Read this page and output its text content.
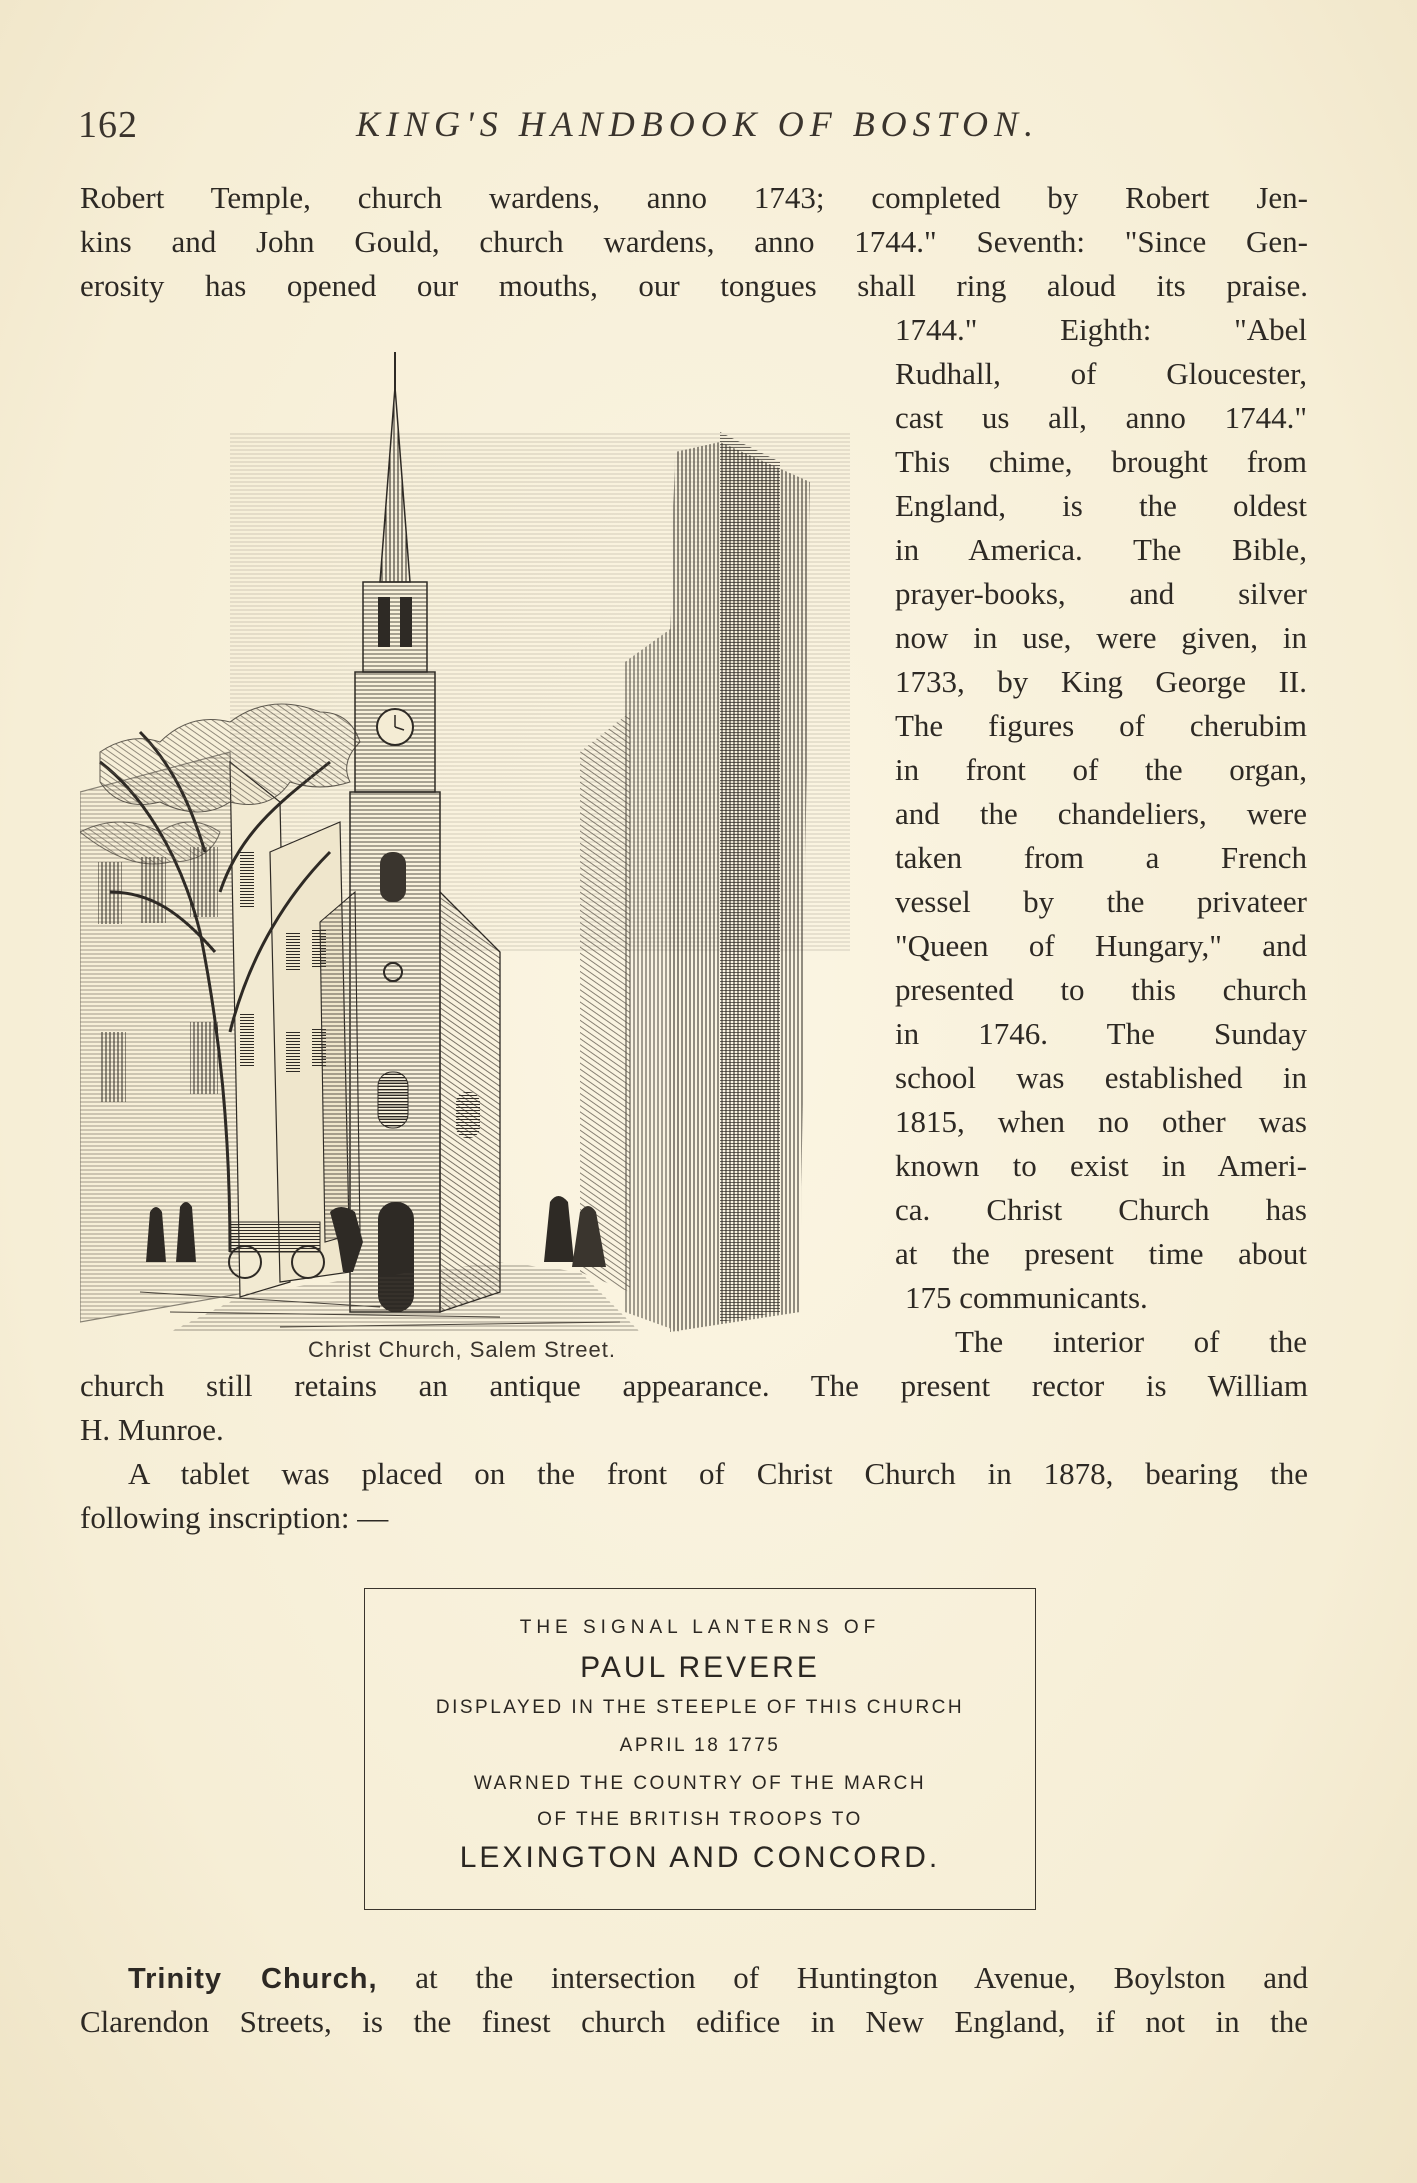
162	KING'S HANDBOOK OF BOSTON.
Robert Temple, church wardens, anno 1743; completed by Robert Jen-
kins and John Gould, church wardens, anno 1744." Seventh: "Since Gen-
erosity has opened our mouths, our tongues shall ring aloud its praise.
1744." Eighth: "Abel
Rudhall, of Gloucester,
cast us all, anno 1744."
This chime, brought from
England, is the oldest
in America. The Bible,
prayer-books, and silver
now in use, were given, in
1733, by King George II.
The figures of cherubim
in front of the organ,
and the chandeliers, were
taken from a French
vessel by the privateer
"Queen of Hungary," and
presented to this church
in 1746. The Sunday
school was established in
1815, when no other was
known to exist in Ameri-
ca. Christ Church has
at the present time about
175 communicants.
The interior of the
Christ Church, Salem Street.
church still retains an antique appearance. The present rector is William
H. Munroe.
A tablet was placed on the front of Christ Church in 1878, bearing the
following inscription: —
THE SIGNAL LANTERNS OF
PAUL REVERE
DISPLAYED IN THE STEEPLE OF THIS CHURCH
APRIL 18 1775
WARNED THE COUNTRY OF THE MARCH
OF THE BRITISH TROOPS TO
LEXINGTON AND CONCORD.
Trinity Church, at the intersection of Huntington Avenue, Boylston and
Clarendon Streets, is the finest church edifice in New England, if not in the
